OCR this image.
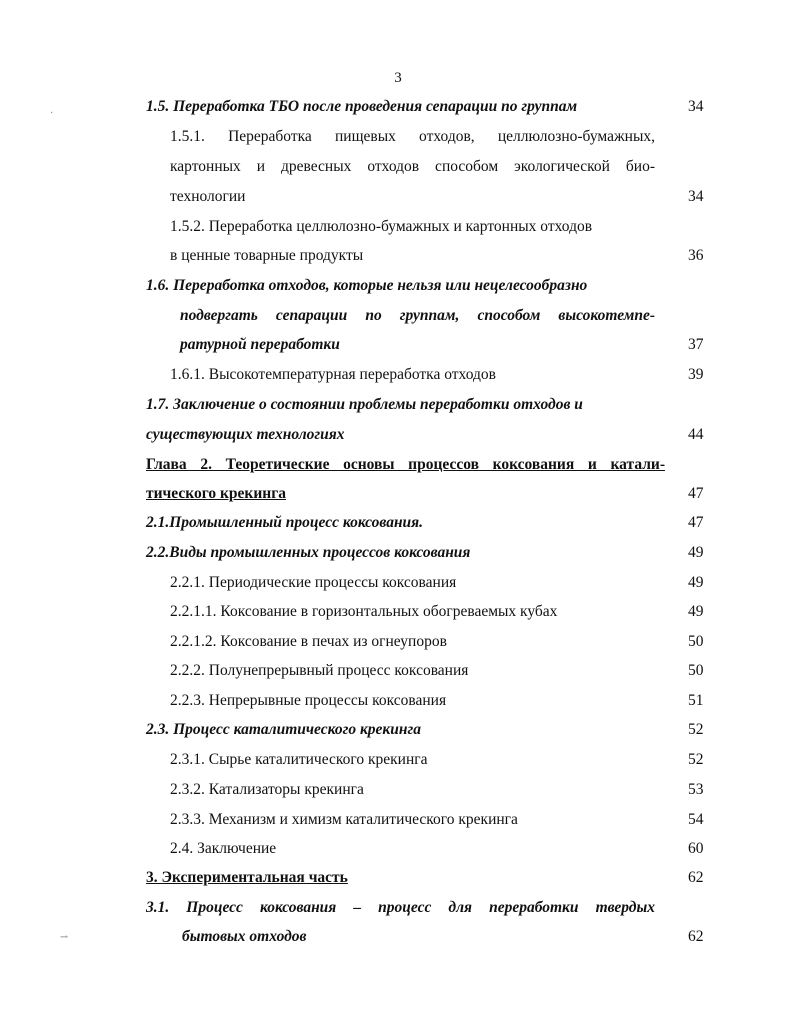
3
1.5. Переработка ТБО после проведения сепарации по группам	34
1.5.1. Переработка пищевых отходов, целлюлозно-бумажных,
картонных и древесных отходов способом экологической био-
технологии	34
1.5.2. Переработка целлюлозно-бумажных и картонных отходов
в ценные товарные продукты	36
1.6. Переработка отходов, которые нельзя или нецелесообразно
подвергать сепарации по группам, способом высокотемпе-
ратурной переработки	37
1.6.1. Высокотемпературная переработка отходов	39
1.7. Заключение о состоянии проблемы переработки отходов и
существующих технологиях	44
Глава 2. Теоретические основы процессов коксования и катали-
тического крекинга	47
2.1.Промышленный процесс коксования.	47
2.2.Виды промышленных процессов коксования	49
2.2.1. Периодические процессы коксования	49
2.2.1.1. Коксование в горизонтальных обогреваемых кубах	49
2.2.1.2. Коксование в печах из огнеупоров	50
2.2.2. Полунепрерывный процесс коксования	50
2.2.3. Непрерывные процессы коксования	51
2.3. Процесс каталитического крекинга	52
2.3.1. Сырье каталитического крекинга	52
2.3.2. Катализаторы крекинга	53
2.3.3. Механизм и химизм каталитического крекинга	54
2.4. Заключение	60
3. Экспериментальная часть	62
3.1. Процесс коксования – процесс для переработки твердых
бытовых отходов	62
·
⇀
